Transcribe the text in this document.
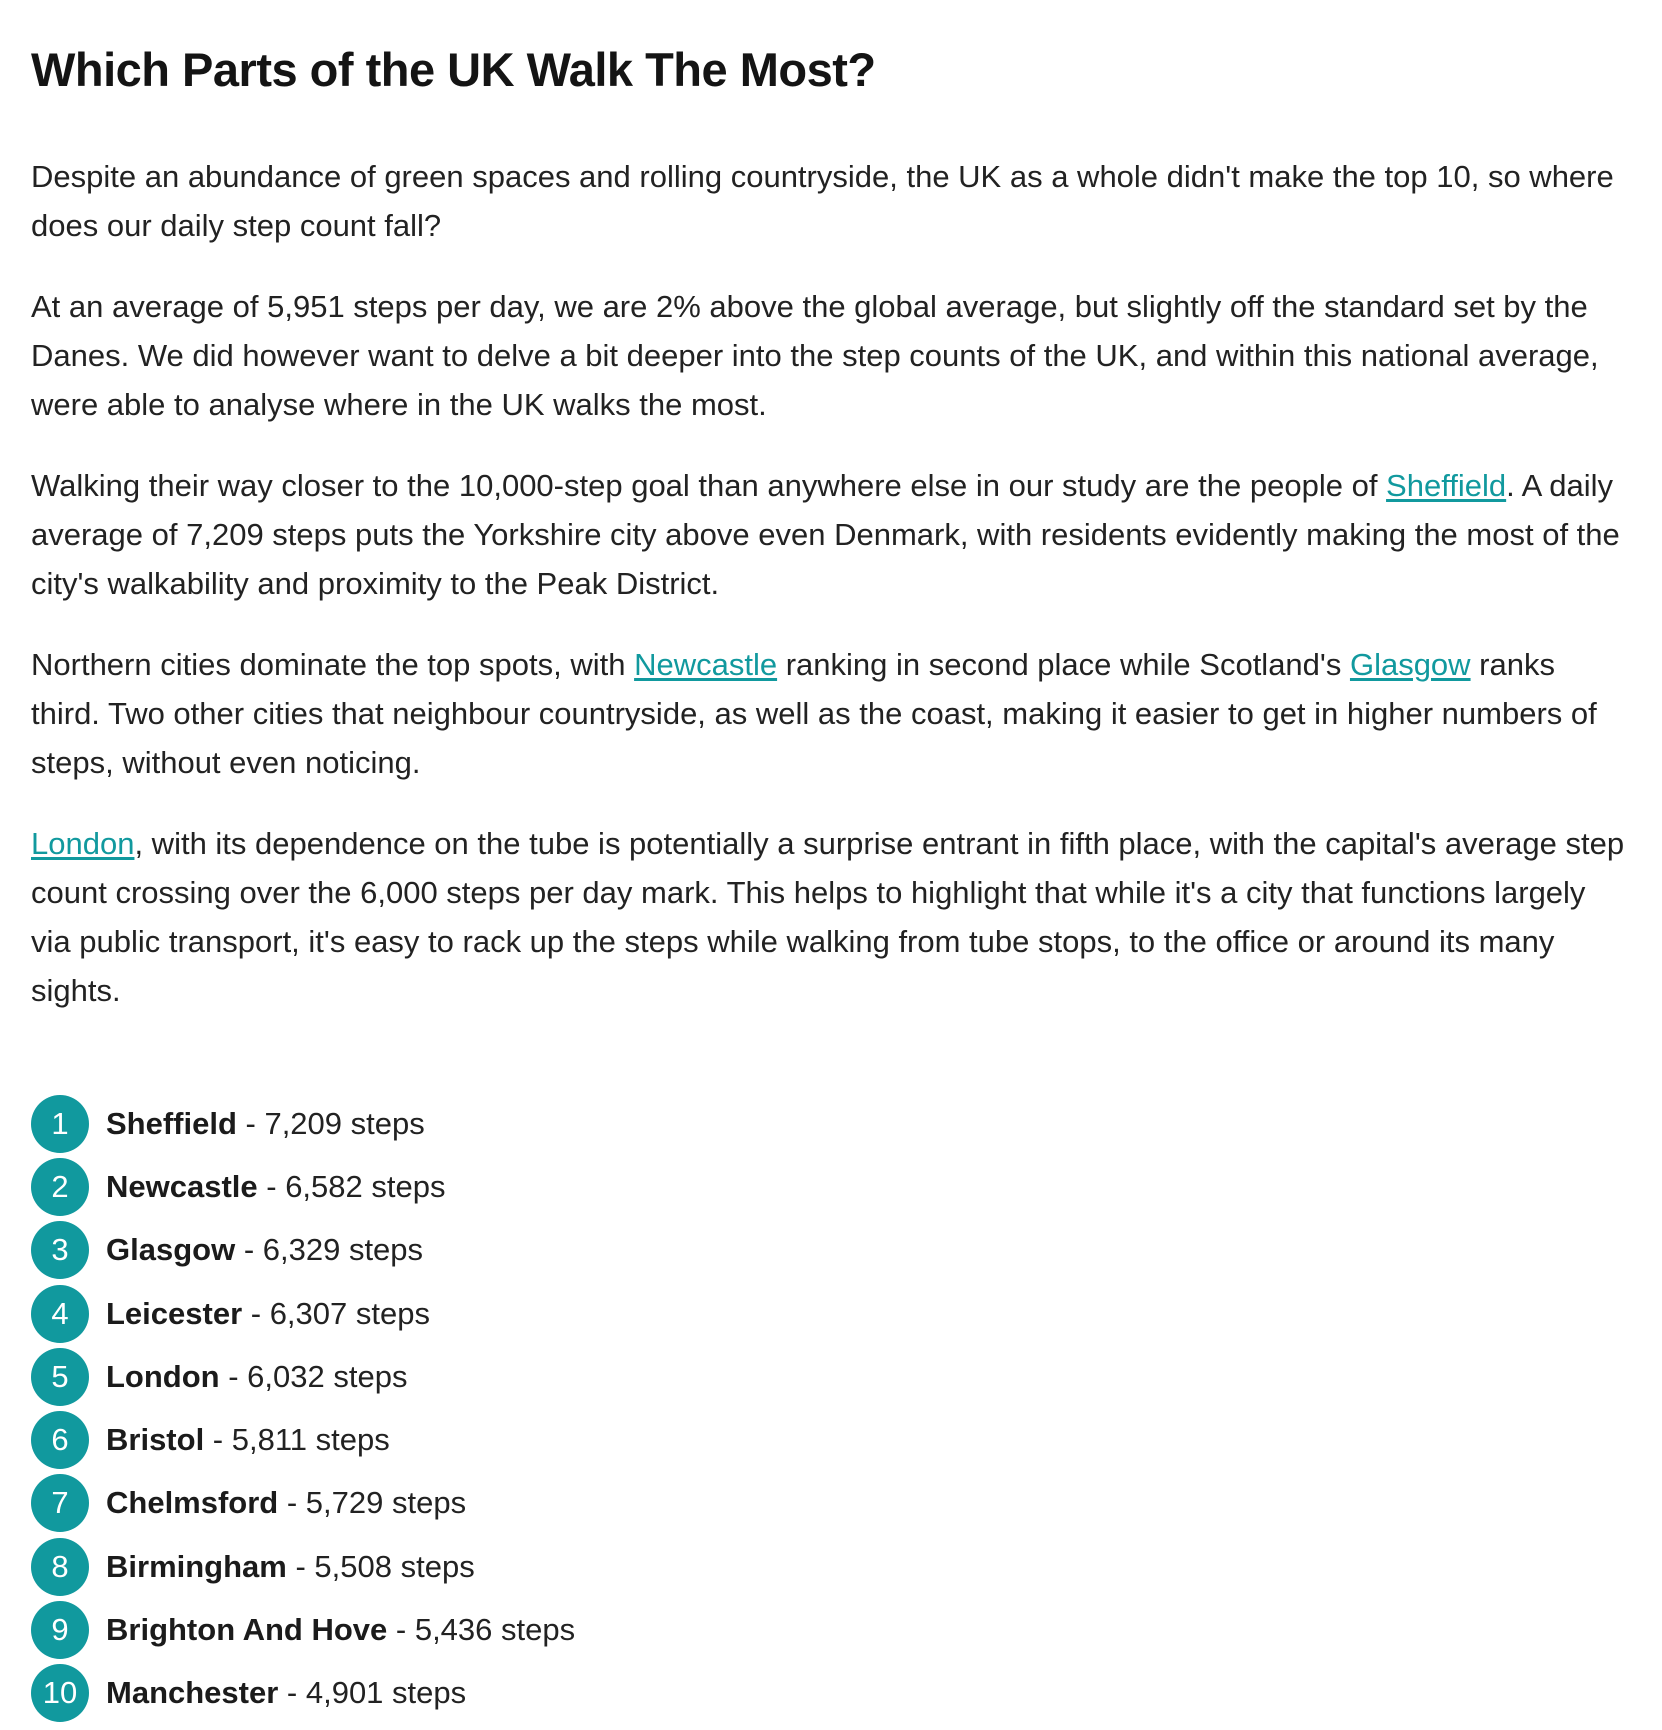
Which Parts of the UK Walk The Most?

Despite an abundance of green spaces and rolling countryside, the UK as a whole didn't make the top 10, so where does our daily step count fall?

At an average of 5,951 steps per day, we are 2% above the global average, but slightly off the standard set by the Danes. We did however want to delve a bit deeper into the step counts of the UK, and within this national average, were able to analyse where in the UK walks the most.

Walking their way closer to the 10,000-step goal than anywhere else in our study are the people of Sheffield. A daily average of 7,209 steps puts the Yorkshire city above even Denmark, with residents evidently making the most of the city's walkability and proximity to the Peak District.

Northern cities dominate the top spots, with Newcastle ranking in second place while Scotland's Glasgow ranks third. Two other cities that neighbour countryside, as well as the coast, making it easier to get in higher numbers of steps, without even noticing.

London, with its dependence on the tube is potentially a surprise entrant in fifth place, with the capital's average step count crossing over the 6,000 steps per day mark. This helps to highlight that while it's a city that functions largely via public transport, it's easy to rack up the steps while walking from tube stops, to the office or around its many sights.

1	Sheffield - 7,209 steps
2	Newcastle - 6,582 steps
3	Glasgow - 6,329 steps
4	Leicester - 6,307 steps
5	London - 6,032 steps
6	Bristol - 5,811 steps
7	Chelmsford - 5,729 steps
8	Birmingham - 5,508 steps
9	Brighton And Hove - 5,436 steps
10 Manchester - 4,901 steps
